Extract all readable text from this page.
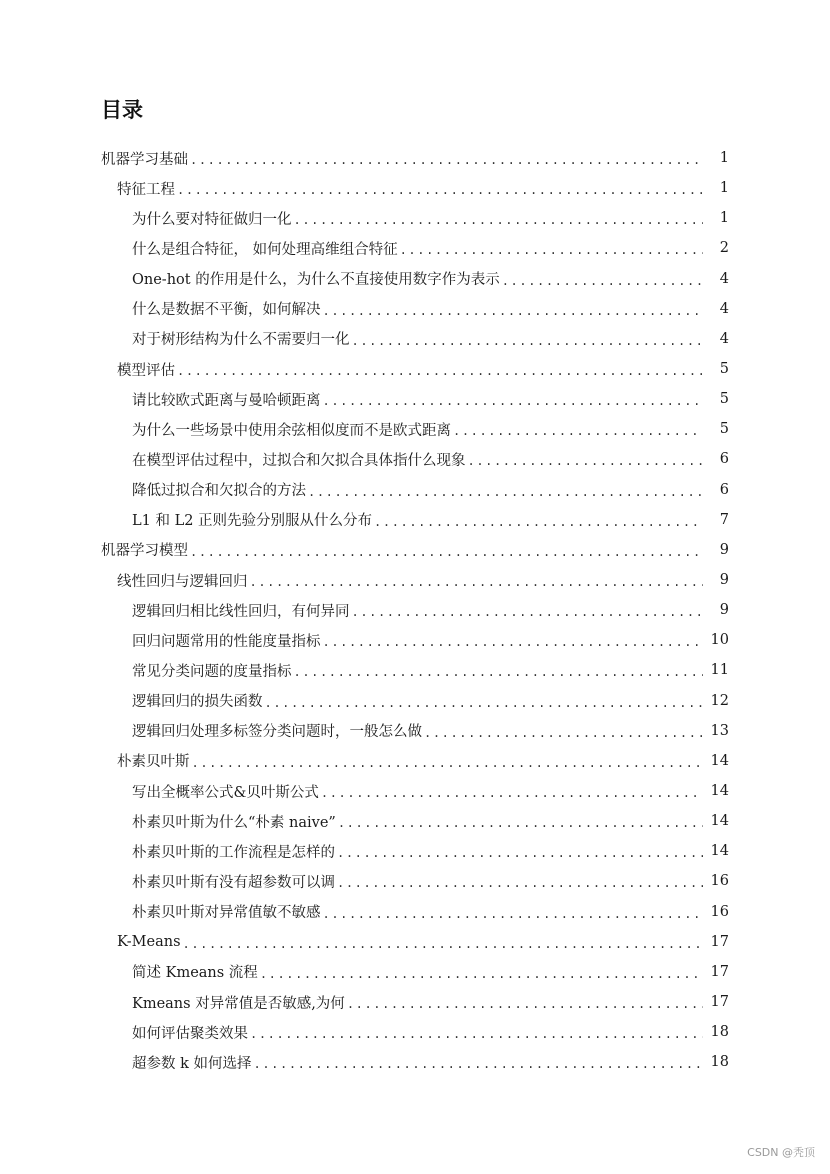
目录
机器学习基础 .....	1
特征工程 .....	1
为什么要对特征做归一化 .....	1
什么是组合特征， 如何处理高维组合特征 .....	2
One-hot 的作用是什么，为什么不直接使用数字作为表示 .....	4
什么是数据不平衡，如何解决 .....	4
对于树形结构为什么不需要归一化 .....	4
模型评估 .....	5
请比较欧式距离与曼哈顿距离 .....	5
为什么一些场景中使用余弦相似度而不是欧式距离 .....	5
在模型评估过程中，过拟合和欠拟合具体指什么现象 .....	6
降低过拟合和欠拟合的方法 .....	6
L1 和 L2 正则先验分别服从什么分布 .....	7
机器学习模型 .....	9
线性回归与逻辑回归 .....	9
逻辑回归相比线性回归，有何异同 .....	9
回归问题常用的性能度量指标 .....	10
常见分类问题的度量指标 .....	11
逻辑回归的损失函数 .....	12
逻辑回归处理多标签分类问题时，一般怎么做 .....	13
朴素贝叶斯 .....	14
写出全概率公式&贝叶斯公式 .....	14
朴素贝叶斯为什么“朴素 naive” .....	14
朴素贝叶斯的工作流程是怎样的 .....	14
朴素贝叶斯有没有超参数可以调 .....	16
朴素贝叶斯对异常值敏不敏感 .....	16
K-Means .....	17
简述 Kmeans 流程 .....	17
Kmeans 对异常值是否敏感,为何 .....	17
如何评估聚类效果 .....	18
超参数 k 如何选择 .....	18
CSDN @秃顶
